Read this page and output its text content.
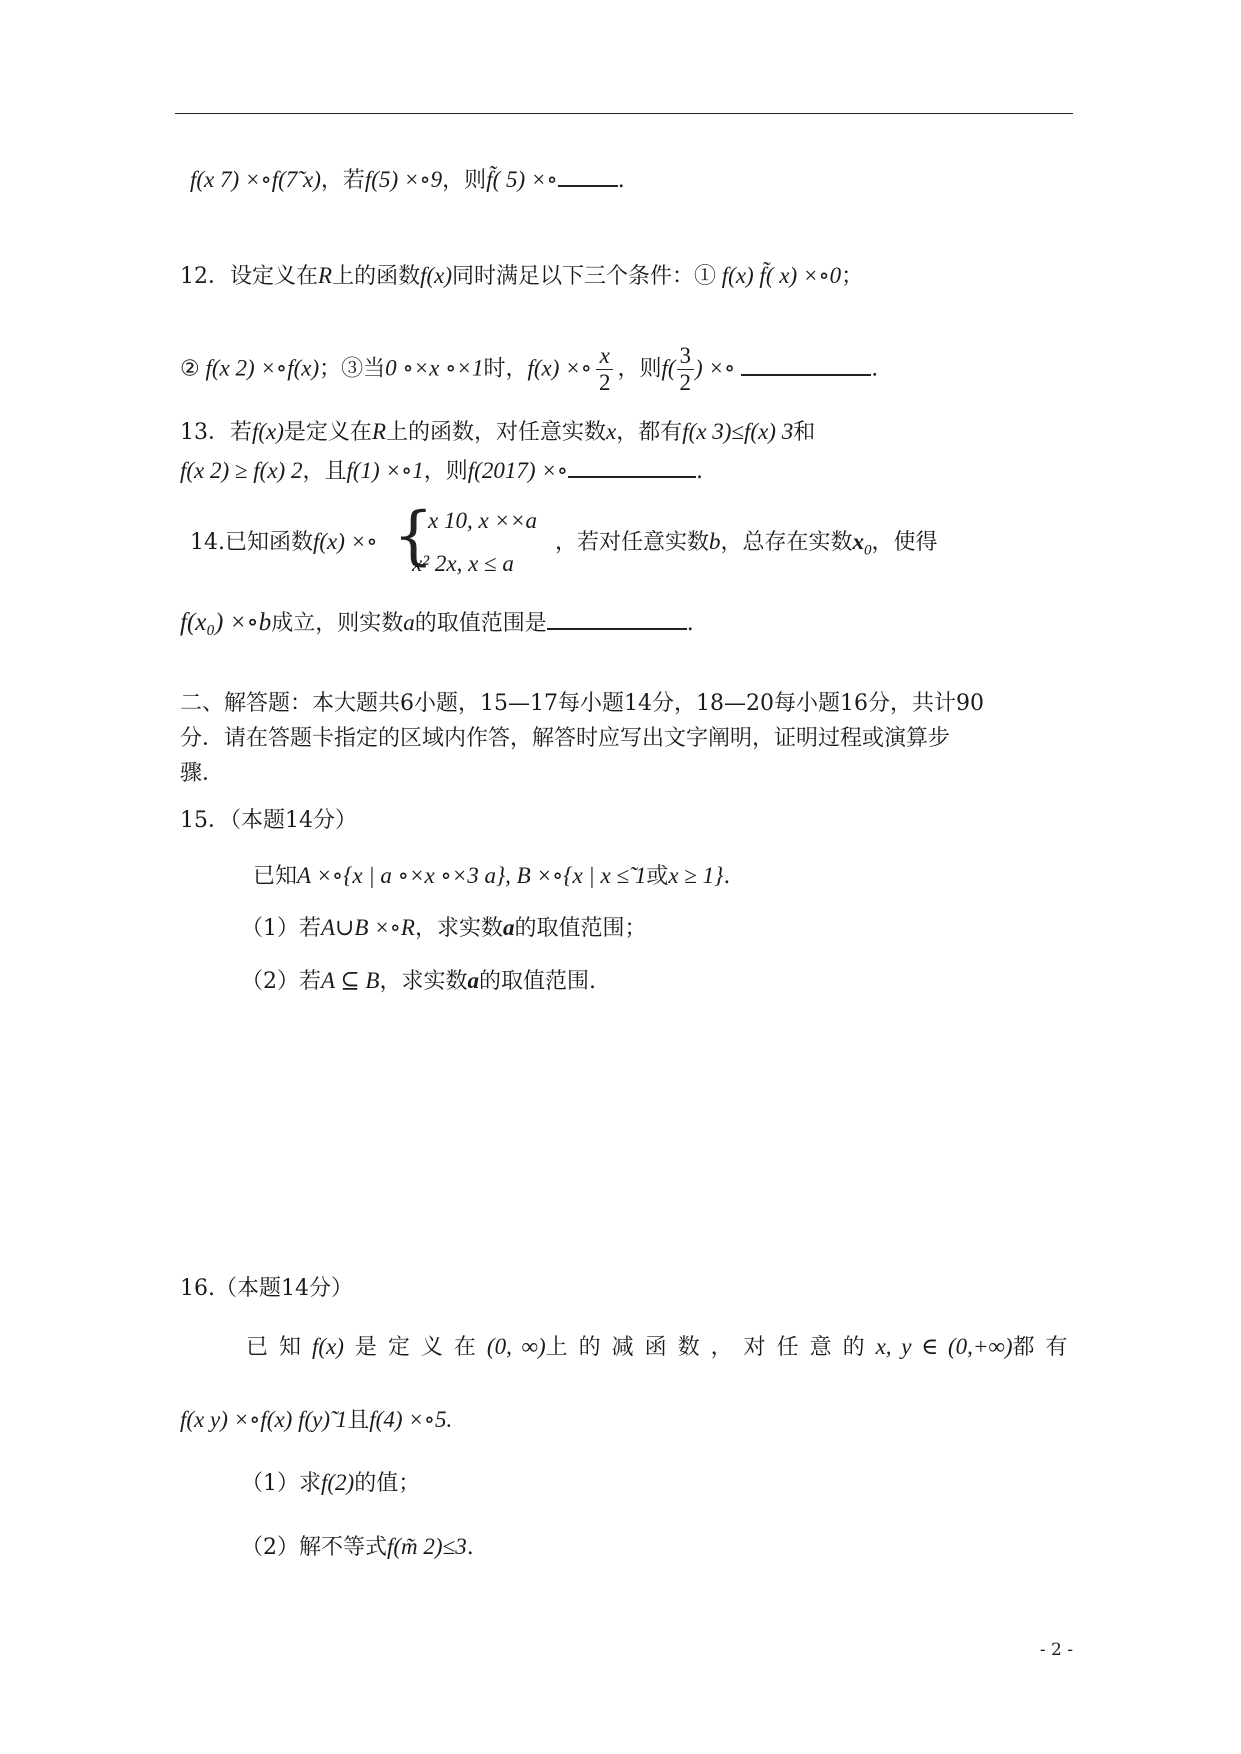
f(x 7) ×∘f(7̃ x)，若f(5) ×∘9，则f̃( 5) ×∘	.
12．设定义在R上的函数f(x)同时满足以下三个条件：① f(x) f̃( x) ×∘0；
② f(x 2) ×∘f(x)；③当0 ∘×x ∘×1时，f(x) ×∘ $\frac{x}{2}$ ，则$f( \frac{3}{2}$ ) ×∘	.
13．若f(x)是定义在R上的函数，对任意实数x，都有f(x 3)≤f(x) 3和
f(x 2) ≥ f(x) 2，且f(1) ×∘1，则f(2017) ×∘	.
14.已知函数f(x) ×∘ {
x 10, x ××a
x² 2x, x ≤ a
，若对任意实数b，总存在实数$x_0$，使得
f(x₀) ×∘b成立，则实数a的取值范围是	.
二、解答题：本大题共6小题，15—17每小题14分，18—20每小题16分，共计90
分．请在答题卡指定的区域内作答，解答时应写出文字阐明，证明过程或演算步
骤．
15．（本题14分）
已知A ×∘{x | a ∘×x ∘×3 a}, B ×∘{x | x ≤̃ 1或x ≥ 1}.
（1）若A∪B ×∘R，求实数a的取值范围；
（2）若A ⊆ B，求实数a的取值范围.
16.（本题14分）
已 知 f(x) 是 定 义 在 (0, ∞)上 的 减 函 数 ， 对 任 意 的 x, y ∈ (0,+∞)都 有
f(x y) ×∘f(x) f(y)̃ 1且f(4) ×∘5.
（1）求f(2)的值；
（2）解不等式f(m̃ 2)≤3.
- 2 -
